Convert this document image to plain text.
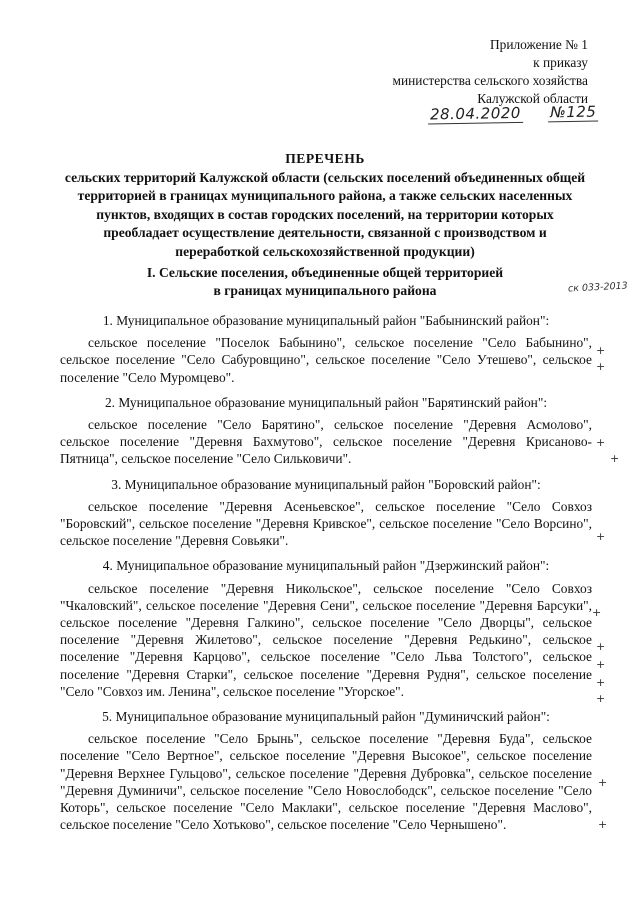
Приложение № 1
к приказу
министерства сельского хозяйства
Калужской области
28.04.2020 №125
ПЕРЕЧЕНЬ
сельских территорий Калужской области (сельских поселений объединенных общей территорией в границах муниципального района, а также сельских населенных пунктов, входящих в состав городских поселений, на территории которых преобладает осуществление деятельности, связанной с производством и переработкой сельскохозяйственной продукции)
I. Сельские поселения, объединенные общей территорией
в границах муниципального района	ск 033-2013
1. Муниципальное образование муниципальный район "Бабынинский район":
сельское поселение "Поселок Бабынино", сельское поселение "Село Бабынино", сельское поселение "Село Сабуровщино", сельское поселение "Село Утешево", сельское поселение "Село Муромцево".
2. Муниципальное образование муниципальный район "Барятинский район":
сельское поселение "Село Барятино", сельское поселение "Деревня Асмолово", сельское поселение "Деревня Бахмутово", сельское поселение "Деревня Крисаново-Пятница", сельское поселение "Село Сильковичи".
3. Муниципальное образование муниципальный район "Боровский район":
сельское поселение "Деревня Асеньевское", сельское поселение "Село Совхоз "Боровский", сельское поселение "Деревня Кривское", сельское поселение "Село Ворсино", сельское поселение "Деревня Совьяки".
4. Муниципальное образование муниципальный район "Дзержинский район":
сельское поселение "Деревня Никольское", сельское поселение "Село Совхоз "Чкаловский", сельское поселение "Деревня Сени", сельское поселение "Деревня Барсуки", сельское поселение "Деревня Галкино", сельское поселение "Село Дворцы", сельское поселение "Деревня Жилетово", сельское поселение "Деревня Редькино", сельское поселение "Деревня Карцово", сельское поселение "Село Льва Толстого", сельское поселение "Деревня Старки", сельское поселение "Деревня Рудня", сельское поселение "Село "Совхоз им. Ленина", сельское поселение "Угорское".
5. Муниципальное образование муниципальный район "Думиничский район":
сельское поселение "Село Брынь", сельское поселение "Деревня Буда", сельское поселение "Село Вертное", сельское поселение "Деревня Высокое", сельское поселение "Деревня Верхнее Гульцово", сельское поселение "Деревня Дубровка", сельское поселение "Деревня Думиничи", сельское поселение "Село Новослободск", сельское поселение "Село Которь", сельское поселение "Село Маклаки", сельское поселение "Деревня Маслово", сельское поселение "Село Хотьково", сельское поселение "Село Чернышено".
+
+
+
+
+
+
+
+
+
+
+
+
